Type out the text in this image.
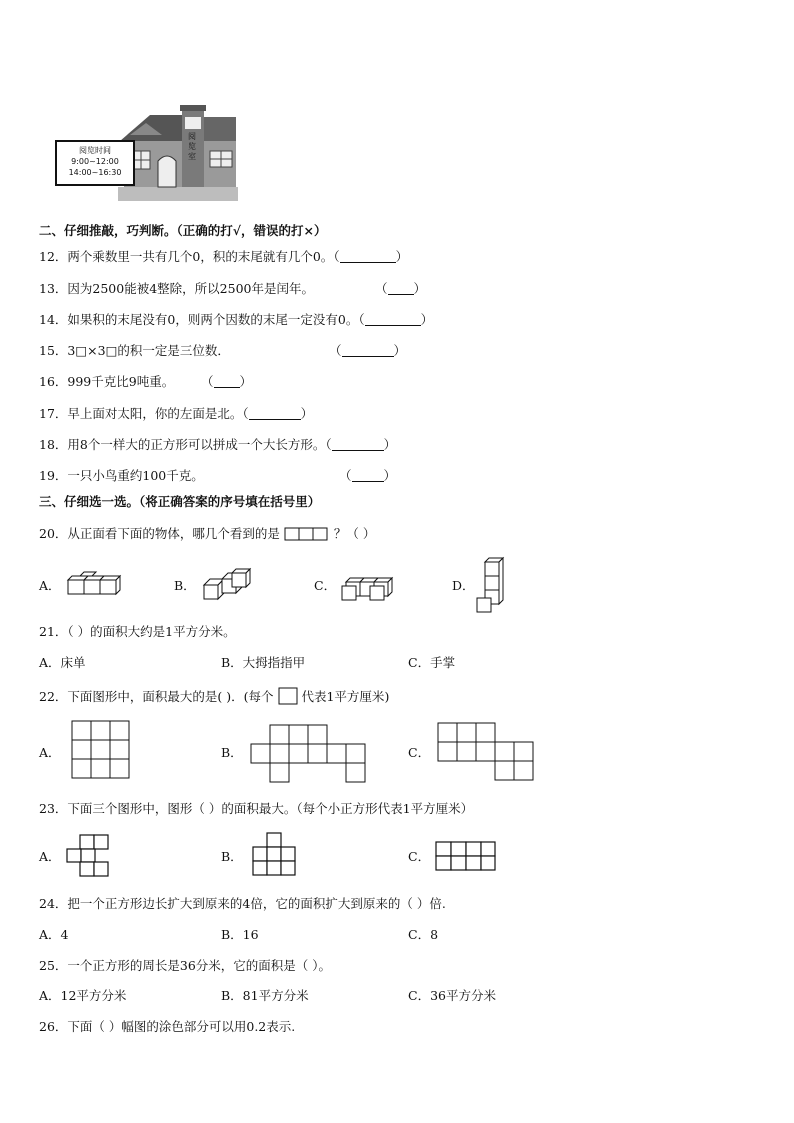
阅览室
阅览时间
9:00~12:00
14:00~16:30
二、仔细推敲，巧判断。（正确的打√，错误的打×）
12．两个乘数里一共有几个0，积的末尾就有几个0。（	）
13．因为2500能被4整除，所以2500年是闰年。	（ ）
14．如果积的末尾没有0，则两个因数的末尾一定没有0。（	）
15．3□×3□的积一定是三位数．	（	）
16．999千克比9吨重。 （ ）
17．早上面对太阳，你的左面是北。（	）
18．用8个一样大的正方形可以拼成一个大长方形。（	）
19．一只小鸟重约100千克。	（	）
三、仔细选一选。（将正确答案的序号填在括号里）
20．从正面看下面的物体，哪几个看到的是	？（ ）
A．	B．	C．	D．
21．（ ）的面积大约是1平方分米。
A．床单	B．大拇指指甲	C．手掌
22．下面图形中，面积最大的是( )．(每个 代表1平方厘米)
A．	B．	C．
23．下面三个图形中，图形（ ）的面积最大。（每个小正方形代表1平方厘米）
A．	B．	C．
24．把一个正方形边长扩大到原来的4倍，它的面积扩大到原来的（ ）倍.
A．4	B．16	C．8
25．一个正方形的周长是36分米，它的面积是（ ）。
A．12平方分米	B．81平方分米	C．36平方分米
26．下面（ ）幅图的涂色部分可以用0.2表示.
